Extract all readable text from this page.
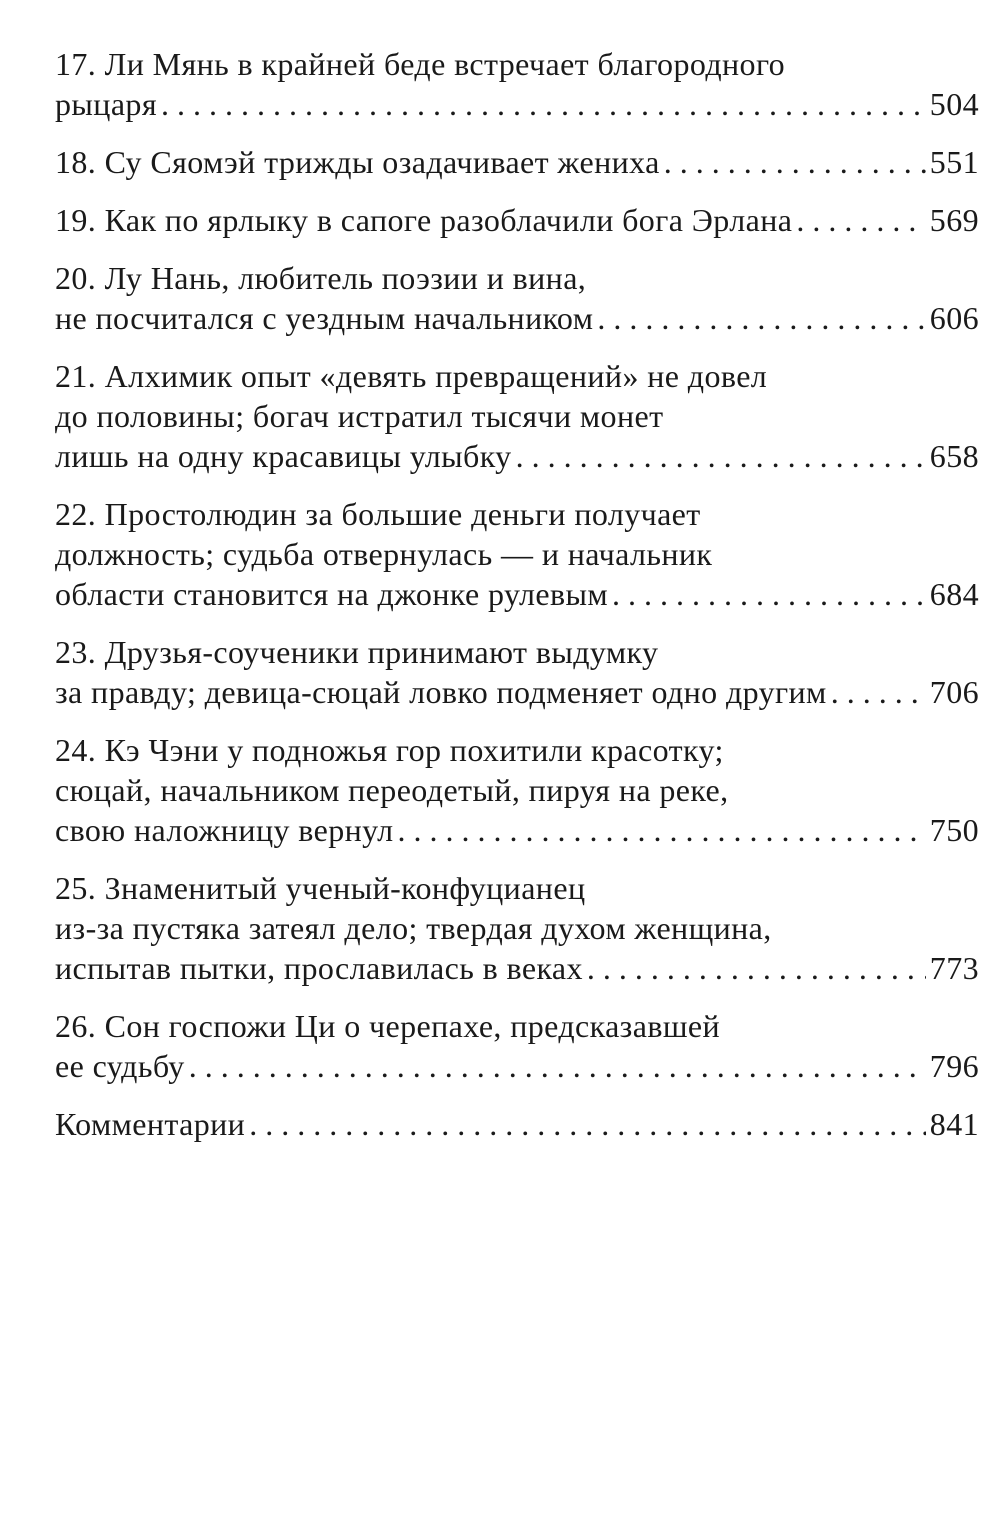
17. Ли Мянь в крайней беде встречает благородного
рыцаря . . .	504
18. Су Сяомэй трижды озадачивает жениха . . .	551
19. Как по ярлыку в сапоге разоблачили бога Эрлана . . .	569
20. Лу Нань, любитель поэзии и вина,
не посчитался с уездным начальником . . .	606
21. Алхимик опыт «девять превращений» не довел
до половины; богач истратил тысячи монет
лишь на одну красавицы улыбку . . .	658
22. Простолюдин за большие деньги получает
должность; судьба отвернулась — и начальник
области становится на джонке рулевым . . .	684
23. Друзья-соученики принимают выдумку
за правду; девица-сюцай ловко подменяет одно другим . . .	706
24. Кэ Чэни у подножья гор похитили красотку;
сюцай, начальником переодетый, пируя на реке,
свою наложницу вернул . . .	750
25. Знаменитый ученый-конфуцианец
из-за пустяка затеял дело; твердая духом женщина,
испытав пытки, прославилась в веках . . .	773
26. Сон госпожи Ци о черепахе, предсказавшей
ее судьбу . . .	796
Комментарии . . .	841
